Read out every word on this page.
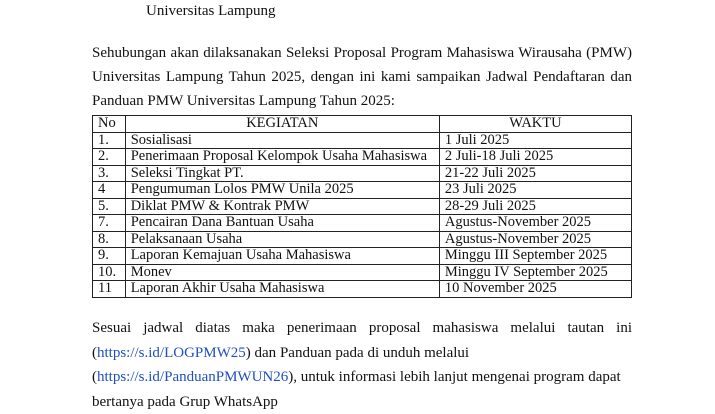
Universitas Lampung
Sehubungan akan dilaksanakan Seleksi Proposal Program Mahasiswa Wirausaha (PMW)
Universitas Lampung Tahun 2025, dengan ini kami sampaikan Jadwal Pendaftaran dan
Panduan PMW Universitas Lampung Tahun 2025:
No	KEGIATAN	WAKTU
1.	Sosialisasi	1 Juli 2025
2.	Penerimaan Proposal Kelompok Usaha Mahasiswa	2 Juli-18 Juli 2025
3.	Seleksi Tingkat PT.	21-22 Juli 2025
4	Pengumuman Lolos PMW Unila 2025	23 Juli 2025
5.	Diklat PMW & Kontrak PMW	28-29 Juli 2025
7.	Pencairan Dana Bantuan Usaha	Agustus-November 2025
8.	Pelaksanaan Usaha	Agustus-November 2025
9.	Laporan Kemajuan Usaha Mahasiswa	Minggu III September 2025
10.	Monev	Minggu IV September 2025
11	Laporan Akhir Usaha Mahasiswa	10 November 2025
Sesuai jadwal diatas maka penerimaan proposal mahasiswa melalui tautan ini
(https://s.id/LOGPMW25) dan Panduan pada di unduh melalui
(https://s.id/PanduanPMWUN26), untuk informasi lebih lanjut mengenai program dapat
bertanya pada Grup WhatsApp
